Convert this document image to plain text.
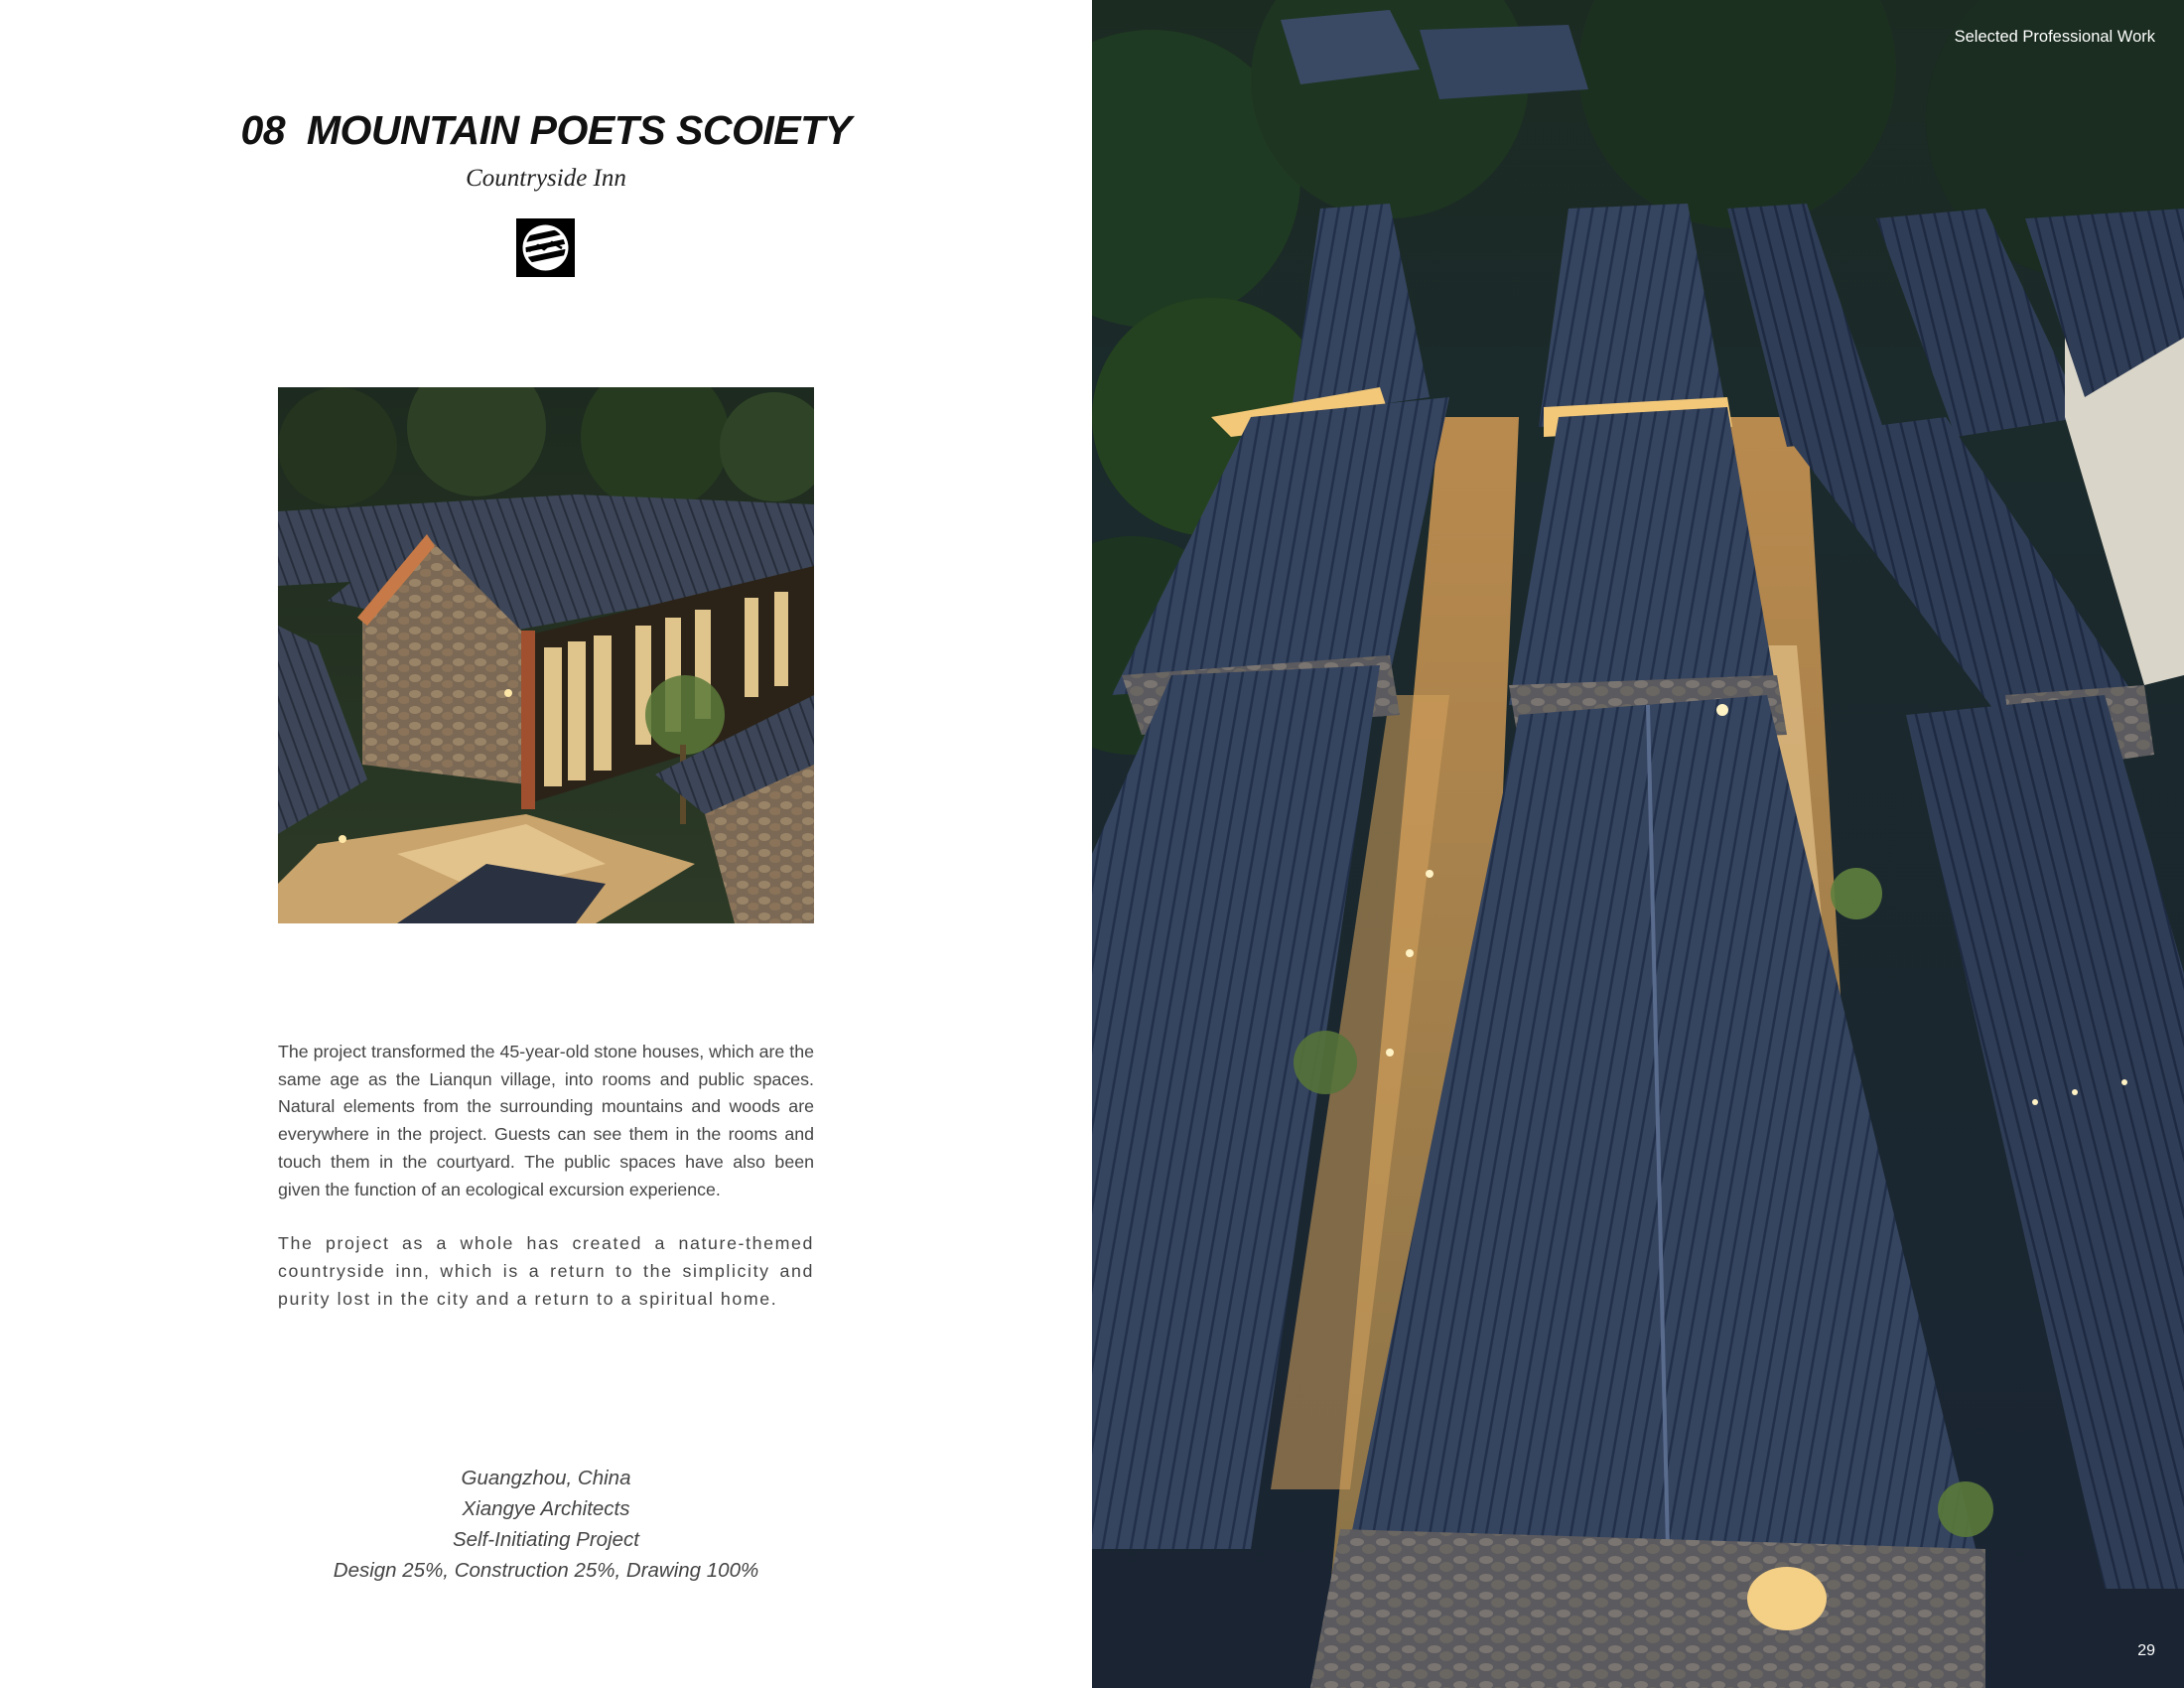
08  MOUNTAIN POETS SCOIETY
Countryside Inn

The project transformed the 45-year-old stone houses, which are the same age as the Lianqun village, into rooms and public spaces. Natural elements from the surrounding mountains and woods are everywhere in the project. Guests can see them in the rooms and touch them in the courtyard. The public spaces have also been given the function of an ecological excursion experience.

The project as a whole has created a nature-themed countryside inn, which is a return to the simplicity and purity lost in the city and a return to a spiritual home.

Guangzhou, China
Xiangye Architects
Self-Initiating Project
Design 25%, Construction 25%, Drawing 100%
Selected Professional Work
29
